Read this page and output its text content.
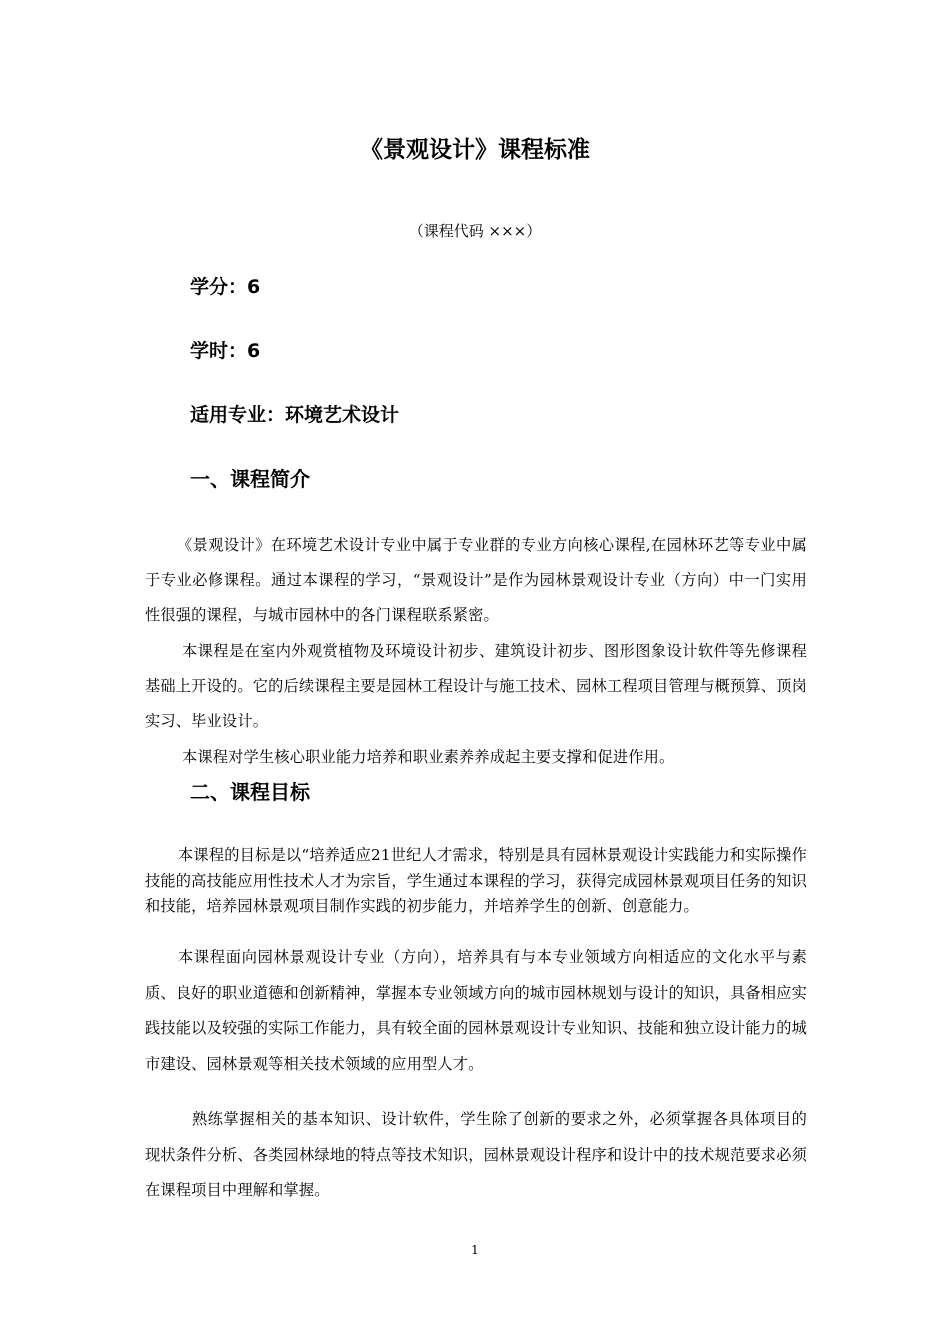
《景观设计》课程标准
（课程代码 ×××）
学分：6
学时：6
适用专业：环境艺术设计
一、课程简介
《景观设计》在环境艺术设计专业中属于专业群的专业方向核心课程,在园林环艺等专业中属于专业必修课程。通过本课程的学习，“景观设计”是作为园林景观设计专业（方向）中一门实用性很强的课程，与城市园林中的各门课程联系紧密。
本课程是在室内外观赏植物及环境设计初步、建筑设计初步、图形图象设计软件等先修课程基础上开设的。它的后续课程主要是园林工程设计与施工技术、园林工程项目管理与概预算、顶岗实习、毕业设计。
本课程对学生核心职业能力培养和职业素养养成起主要支撑和促进作用。
二、课程目标
本课程的目标是以“培养适应21世纪人才需求，特别是具有园林景观设计实践能力和实际操作技能的高技能应用性技术人才为宗旨，学生通过本课程的学习，获得完成园林景观项目任务的知识和技能，培养园林景观项目制作实践的初步能力，并培养学生的创新、创意能力。
本课程面向园林景观设计专业（方向），培养具有与本专业领域方向相适应的文化水平与素质、良好的职业道德和创新精神，掌握本专业领域方向的城市园林规划与设计的知识，具备相应实践技能以及较强的实际工作能力，具有较全面的园林景观设计专业知识、技能和独立设计能力的城市建设、园林景观等相关技术领域的应用型人才。
熟练掌握相关的基本知识、设计软件，学生除了创新的要求之外，必须掌握各具体项目的现状条件分析、各类园林绿地的特点等技术知识，园林景观设计程序和设计中的技术规范要求必须在课程项目中理解和掌握。
1
